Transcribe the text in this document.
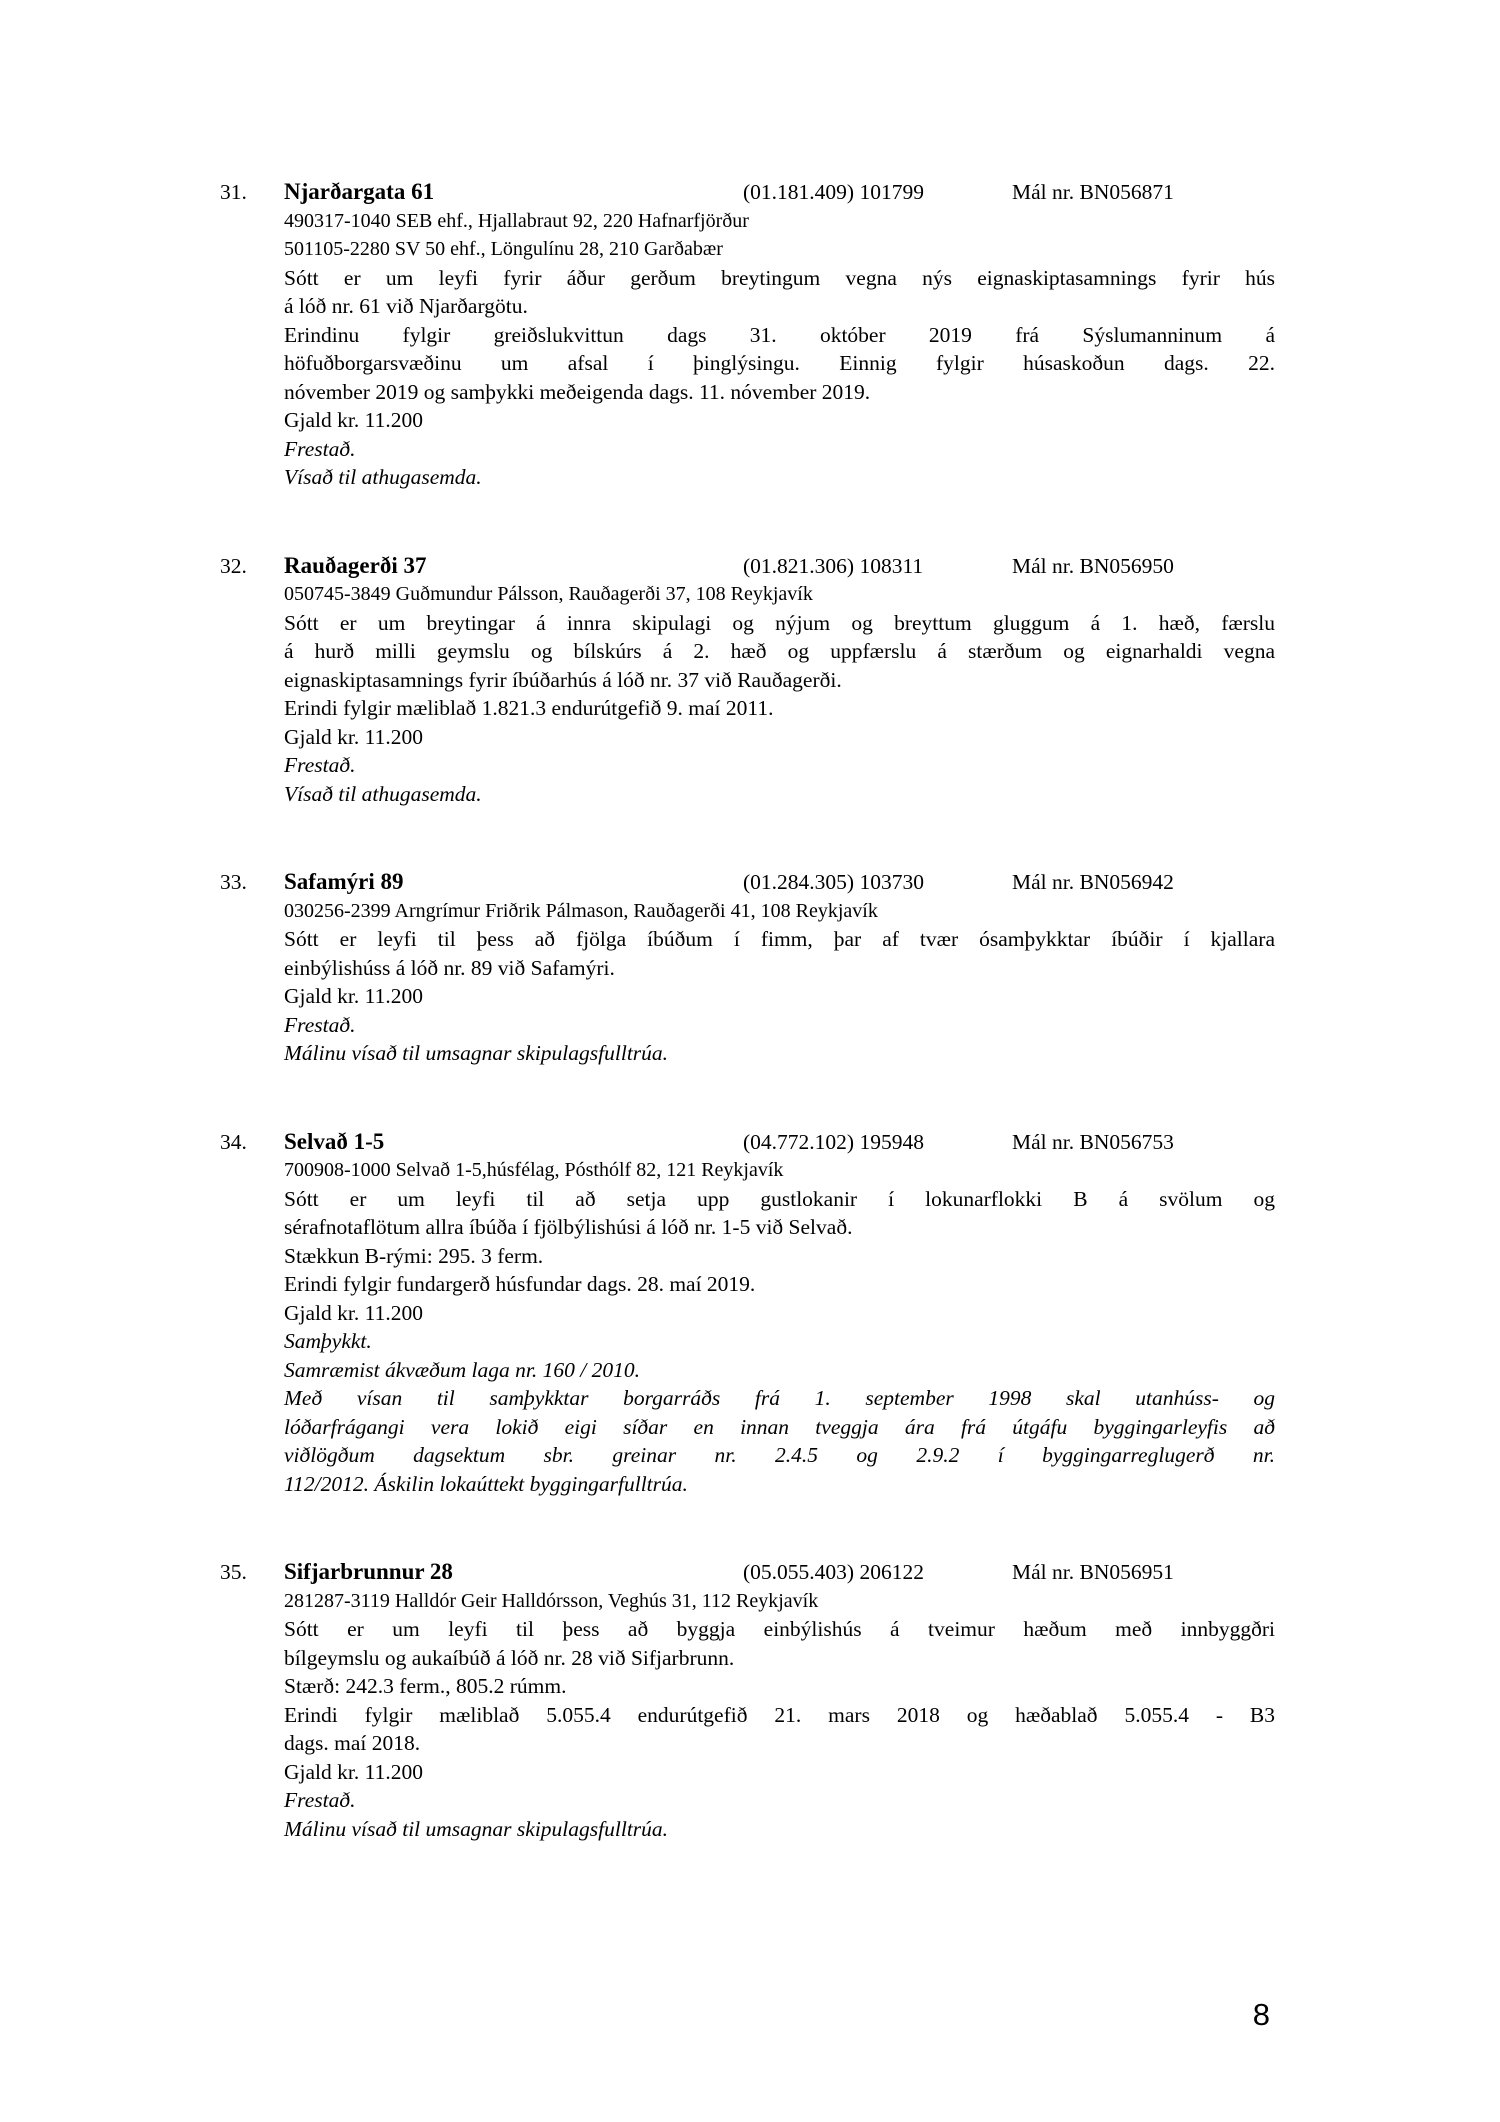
31. Njarðargata 61	(01.181.409) 101799	Mál nr. BN056871
490317-1040 SEB ehf., Hjallabraut 92, 220 Hafnarfjörður
501105-2280 SV 50 ehf., Löngulínu 28, 210 Garðabær
Sótt er um leyfi fyrir áður gerðum breytingum vegna nýs eignaskiptasamnings fyrir hús
á lóð nr. 61 við Njarðargötu.
Erindinu fylgir greiðslukvittun dags 31. október 2019 frá Sýslumanninum á
höfuðborgarsvæðinu um afsal í þinglýsingu. Einnig fylgir húsaskoðun dags. 22.
nóvember 2019 og samþykki meðeigenda dags. 11. nóvember 2019.
Gjald kr. 11.200
Frestað.
Vísað til athugasemda.
32. Rauðagerði 37	(01.821.306) 108311	Mál nr. BN056950
050745-3849 Guðmundur Pálsson, Rauðagerði 37, 108 Reykjavík
Sótt er um breytingar á innra skipulagi og nýjum og breyttum gluggum á 1. hæð, færslu
á hurð milli geymslu og bílskúrs á 2. hæð og uppfærslu á stærðum og eignarhaldi vegna
eignaskiptasamnings fyrir íbúðarhús á lóð nr. 37 við Rauðagerði.
Erindi fylgir mæliblað 1.821.3 endurútgefið 9. maí 2011.
Gjald kr. 11.200
Frestað.
Vísað til athugasemda.
33. Safamýri 89	(01.284.305) 103730	Mál nr. BN056942
030256-2399 Arngrímur Friðrik Pálmason, Rauðagerði 41, 108 Reykjavík
Sótt er leyfi til þess að fjölga íbúðum í fimm, þar af tvær ósamþykktar íbúðir í kjallara
einbýlishúss á lóð nr. 89 við Safamýri.
Gjald kr. 11.200
Frestað.
Málinu vísað til umsagnar skipulagsfulltrúa.
34. Selvað 1-5	(04.772.102) 195948	Mál nr. BN056753
700908-1000 Selvað 1-5,húsfélag, Pósthólf 82, 121 Reykjavík
Sótt er um leyfi til að setja upp gustlokanir í lokunarflokki B á svölum og
sérafnotaflötum allra íbúða í fjölbýlishúsi á lóð nr. 1-5 við Selvað.
Stækkun B-rými: 295. 3 ferm.
Erindi fylgir fundargerð húsfundar dags. 28. maí 2019.
Gjald kr. 11.200
Samþykkt.
Samræmist ákvæðum laga nr. 160 / 2010.
Með vísan til samþykktar borgarráðs frá 1. september 1998 skal utanhúss- og
lóðarfrágangi vera lokið eigi síðar en innan tveggja ára frá útgáfu byggingarleyfis að
viðlögðum dagsektum sbr. greinar nr. 2.4.5 og 2.9.2 í byggingarreglugerð nr.
112/2012. Áskilin lokaúttekt byggingarfulltrúa.
35. Sifjarbrunnur 28	(05.055.403) 206122	Mál nr. BN056951
281287-3119 Halldór Geir Halldórsson, Veghús 31, 112 Reykjavík
Sótt er um leyfi til þess að byggja einbýlishús á tveimur hæðum með innbyggðri
bílgeymslu og aukaíbúð á lóð nr. 28 við Sifjarbrunn.
Stærð: 242.3 ferm., 805.2 rúmm.
Erindi fylgir mæliblað 5.055.4 endurútgefið 21. mars 2018 og hæðablað 5.055.4 - B3
dags. maí 2018.
Gjald kr. 11.200
Frestað.
Málinu vísað til umsagnar skipulagsfulltrúa.
8
